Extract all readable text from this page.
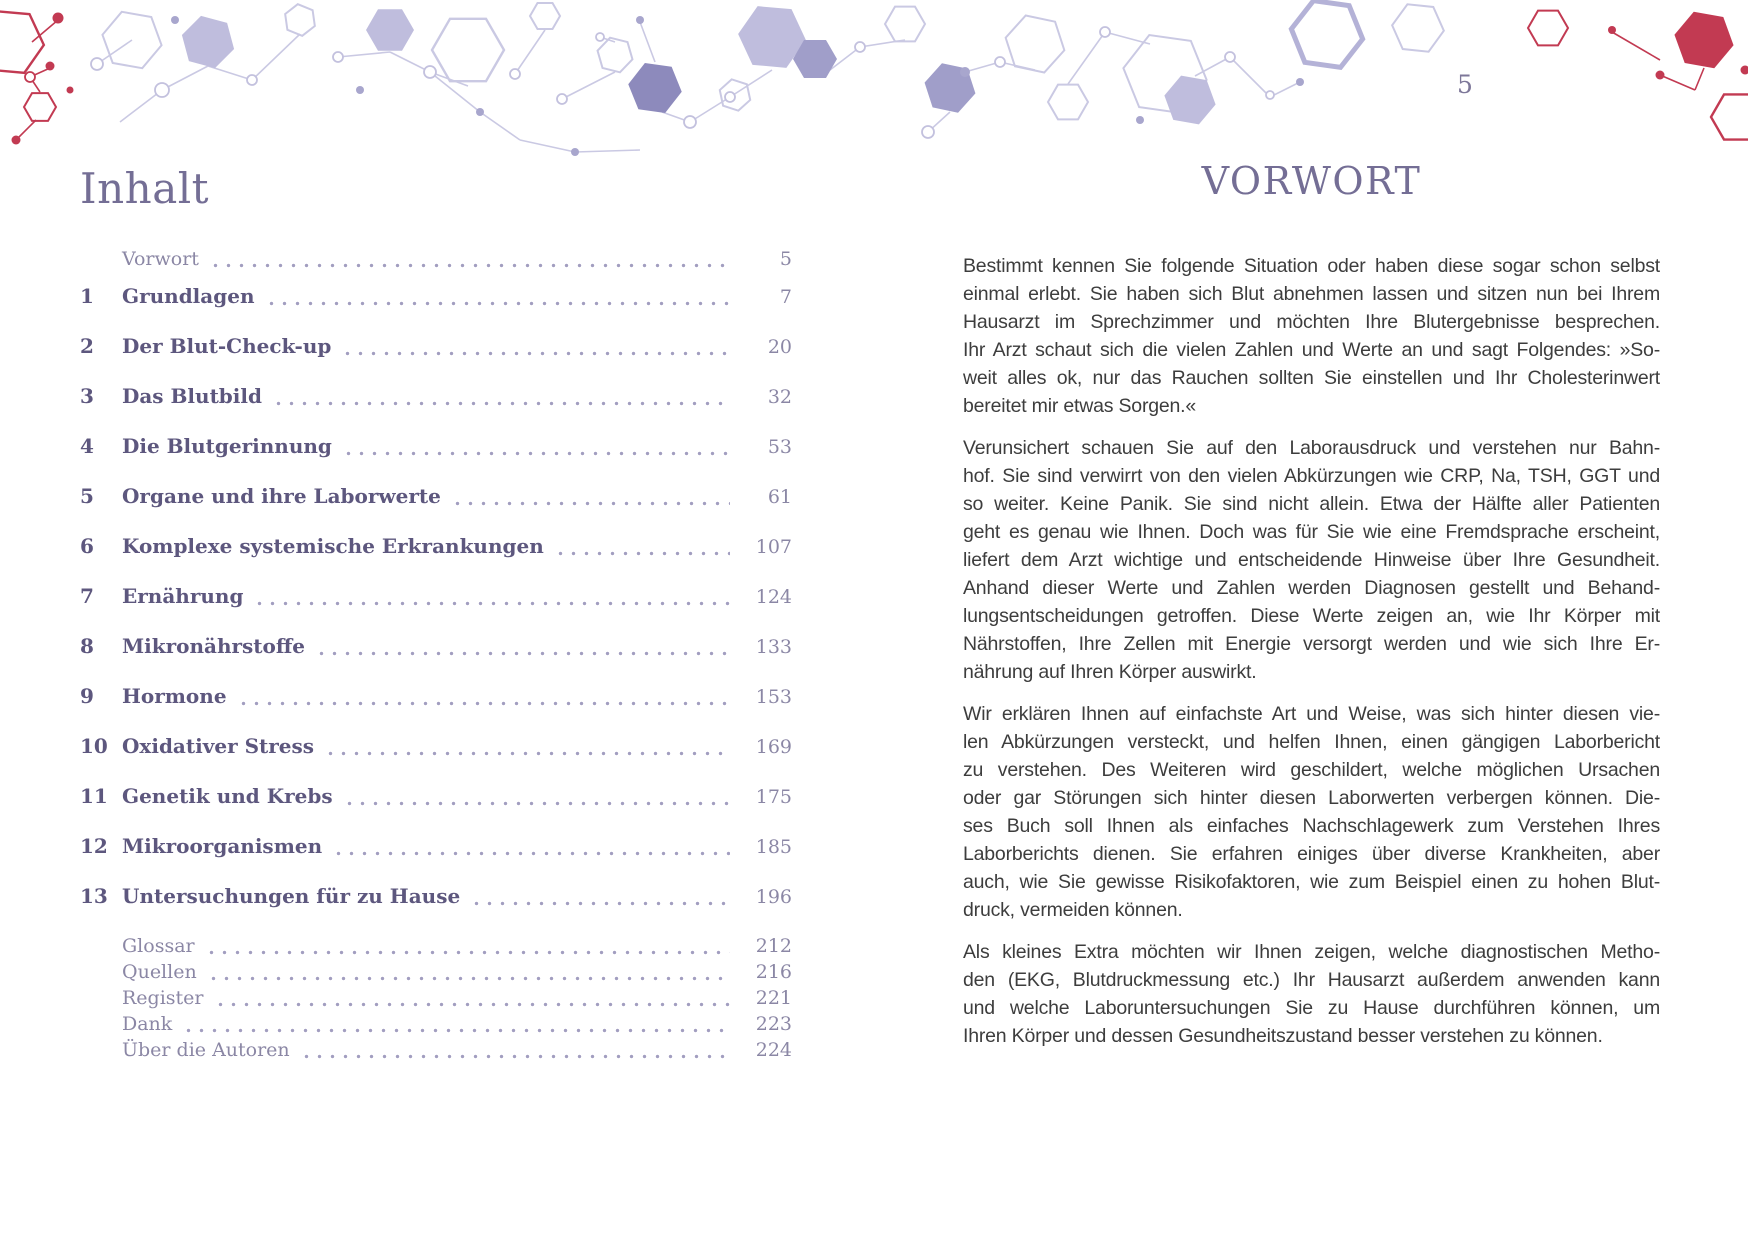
Inhalt
Vorwort	5
1	Grundlagen	7
2	Der Blut-Check-up	20
3	Das Blutbild	32
4	Die Blutgerinnung	53
5	Organe und ihre Laborwerte	61
6	Komplexe systemische Erkrankungen	107
7	Ernährung	124
8	Mikronährstoffe	133
9	Hormone	153
10 Oxidativer Stress	169
11 Genetik und Krebs	175
12 Mikroorganismen	185
13 Untersuchungen für zu Hause	196
Glossar	212
Quellen	216
Register	221
Dank	223
Über die Autoren	224
5
VORWORT
Bestimmt kennen Sie folgende Situation oder haben diese sogar schon selbst
einmal erlebt. Sie haben sich Blut abnehmen lassen und sitzen nun bei Ihrem
Hausarzt im Sprechzimmer und möchten Ihre Blutergebnisse besprechen.
Ihr Arzt schaut sich die vielen Zahlen und Werte an und sagt Folgendes: »So-
weit alles ok, nur das Rauchen sollten Sie einstellen und Ihr Cholesterinwert
bereitet mir etwas Sorgen.«
Verunsichert schauen Sie auf den Laborausdruck und verstehen nur Bahn-
hof. Sie sind verwirrt von den vielen Abkürzungen wie CRP, Na, TSH, GGT und
so weiter. Keine Panik. Sie sind nicht allein. Etwa der Hälfte aller Patienten
geht es genau wie Ihnen. Doch was für Sie wie eine Fremdsprache erscheint,
liefert dem Arzt wichtige und entscheidende Hinweise über Ihre Gesundheit.
Anhand dieser Werte und Zahlen werden Diagnosen gestellt und Behand-
lungsentscheidungen getroffen. Diese Werte zeigen an, wie Ihr Körper mit
Nährstoffen, Ihre Zellen mit Energie versorgt werden und wie sich Ihre Er-
nährung auf Ihren Körper auswirkt.
Wir erklären Ihnen auf einfachste Art und Weise, was sich hinter diesen vie-
len Abkürzungen versteckt, und helfen Ihnen, einen gängigen Laborbericht
zu verstehen. Des Weiteren wird geschildert, welche möglichen Ursachen
oder gar Störungen sich hinter diesen Laborwerten verbergen können. Die-
ses Buch soll Ihnen als einfaches Nachschlagewerk zum Verstehen Ihres
Laborberichts dienen. Sie erfahren einiges über diverse Krankheiten, aber
auch, wie Sie gewisse Risikofaktoren, wie zum Beispiel einen zu hohen Blut-
druck, vermeiden können.
Als kleines Extra möchten wir Ihnen zeigen, welche diagnostischen Metho-
den (EKG, Blutdruckmessung etc.) Ihr Hausarzt außerdem anwenden kann
und welche Laboruntersuchungen Sie zu Hause durchführen können, um
Ihren Körper und dessen Gesundheitszustand besser verstehen zu können.
